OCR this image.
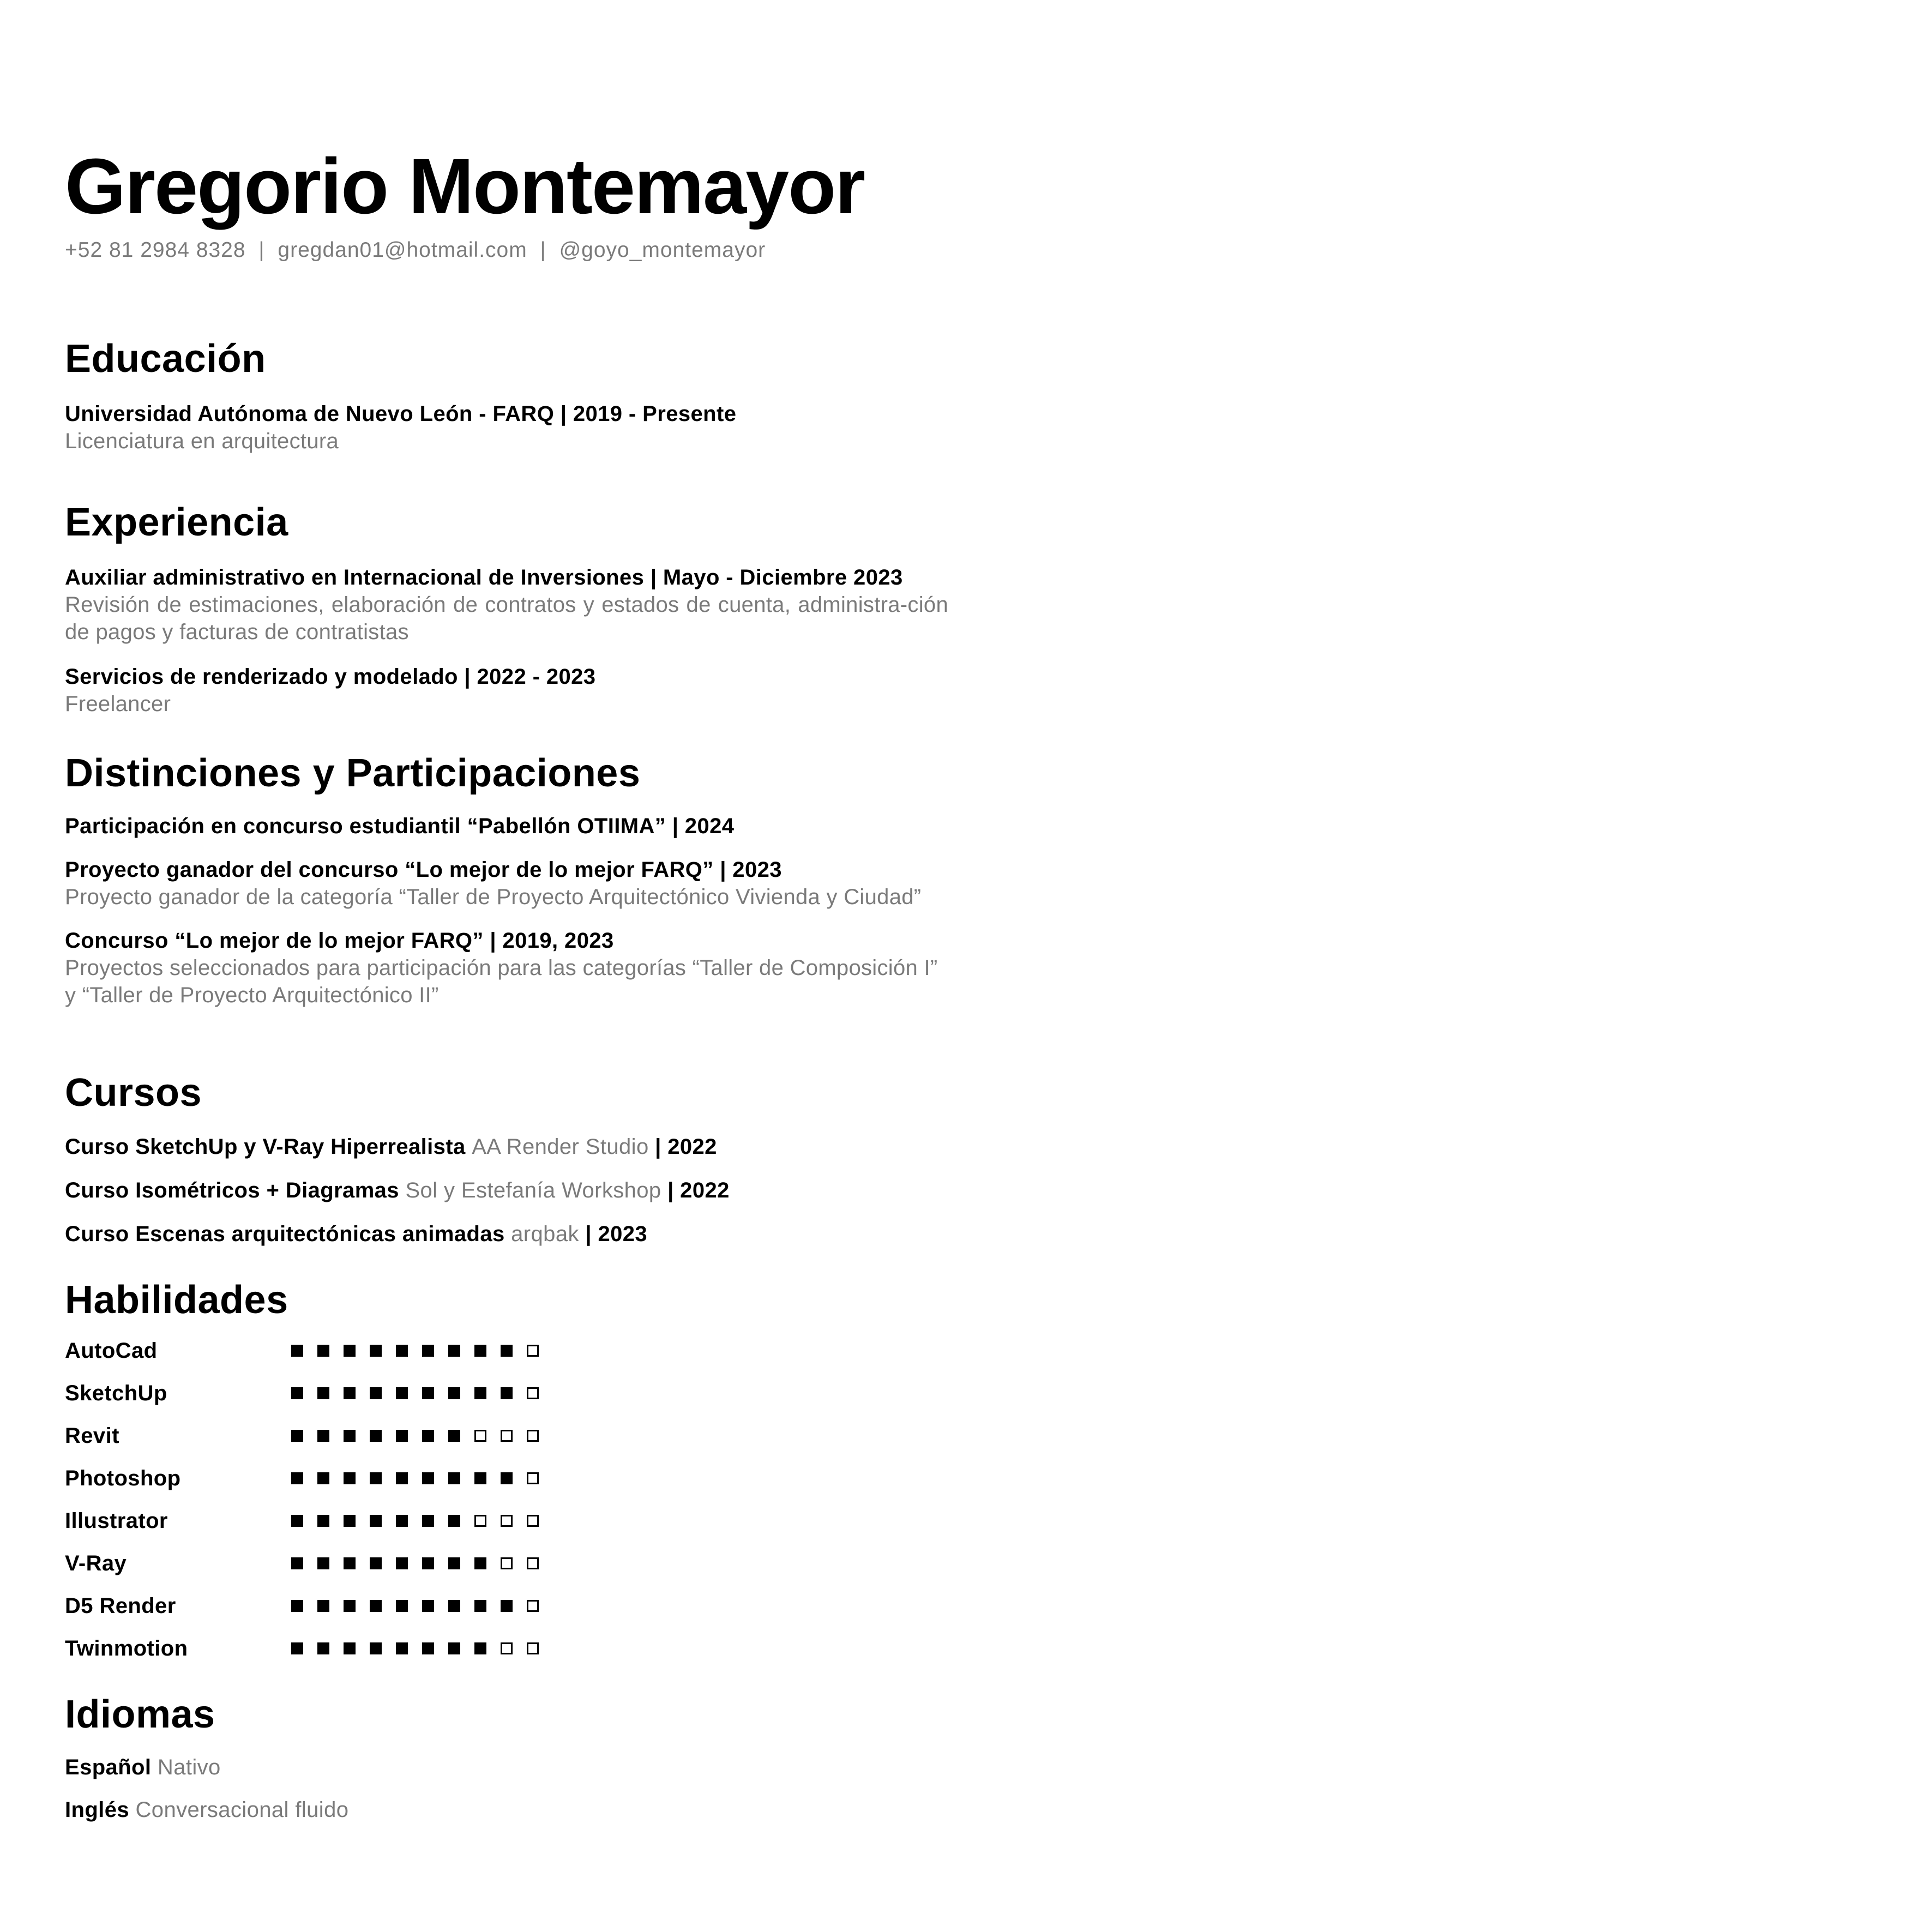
Gregorio Montemayor
+52 81 2984 8328 | gregdan01@hotmail.com | @goyo_montemayor
Educación
Universidad Autónoma de Nuevo León - FARQ | 2019 - Presente
Licenciatura en arquitectura
Experiencia
Auxiliar administrativo en Internacional de Inversiones | Mayo - Diciembre 2023
Revisión de estimaciones, elaboración de contratos y estados de cuenta, administra-ción de pagos y facturas de contratistas
Servicios de renderizado y modelado | 2022 - 2023
Freelancer
Distinciones y Participaciones
Participación en concurso estudiantil “Pabellón OTIIMA” | 2024
Proyecto ganador del concurso “Lo mejor de lo mejor FARQ” | 2023
Proyecto ganador de la categoría “Taller de Proyecto Arquitectónico Vivienda y Ciudad”
Concurso “Lo mejor de lo mejor FARQ” | 2019, 2023
Proyectos seleccionados para participación para las categorías “Taller de Composición I” y “Taller de Proyecto Arquitectónico II”
Cursos
Curso SketchUp y V-Ray Hiperrealista AA Render Studio | 2022
Curso Isométricos + Diagramas Sol y Estefanía Workshop | 2022
Curso Escenas arquitectónicas animadas arqbak | 2023
Habilidades
AutoCad
SketchUp
Revit
Photoshop
Illustrator
V-Ray
D5 Render
Twinmotion
Idiomas
Español Nativo
Inglés Conversacional fluido
